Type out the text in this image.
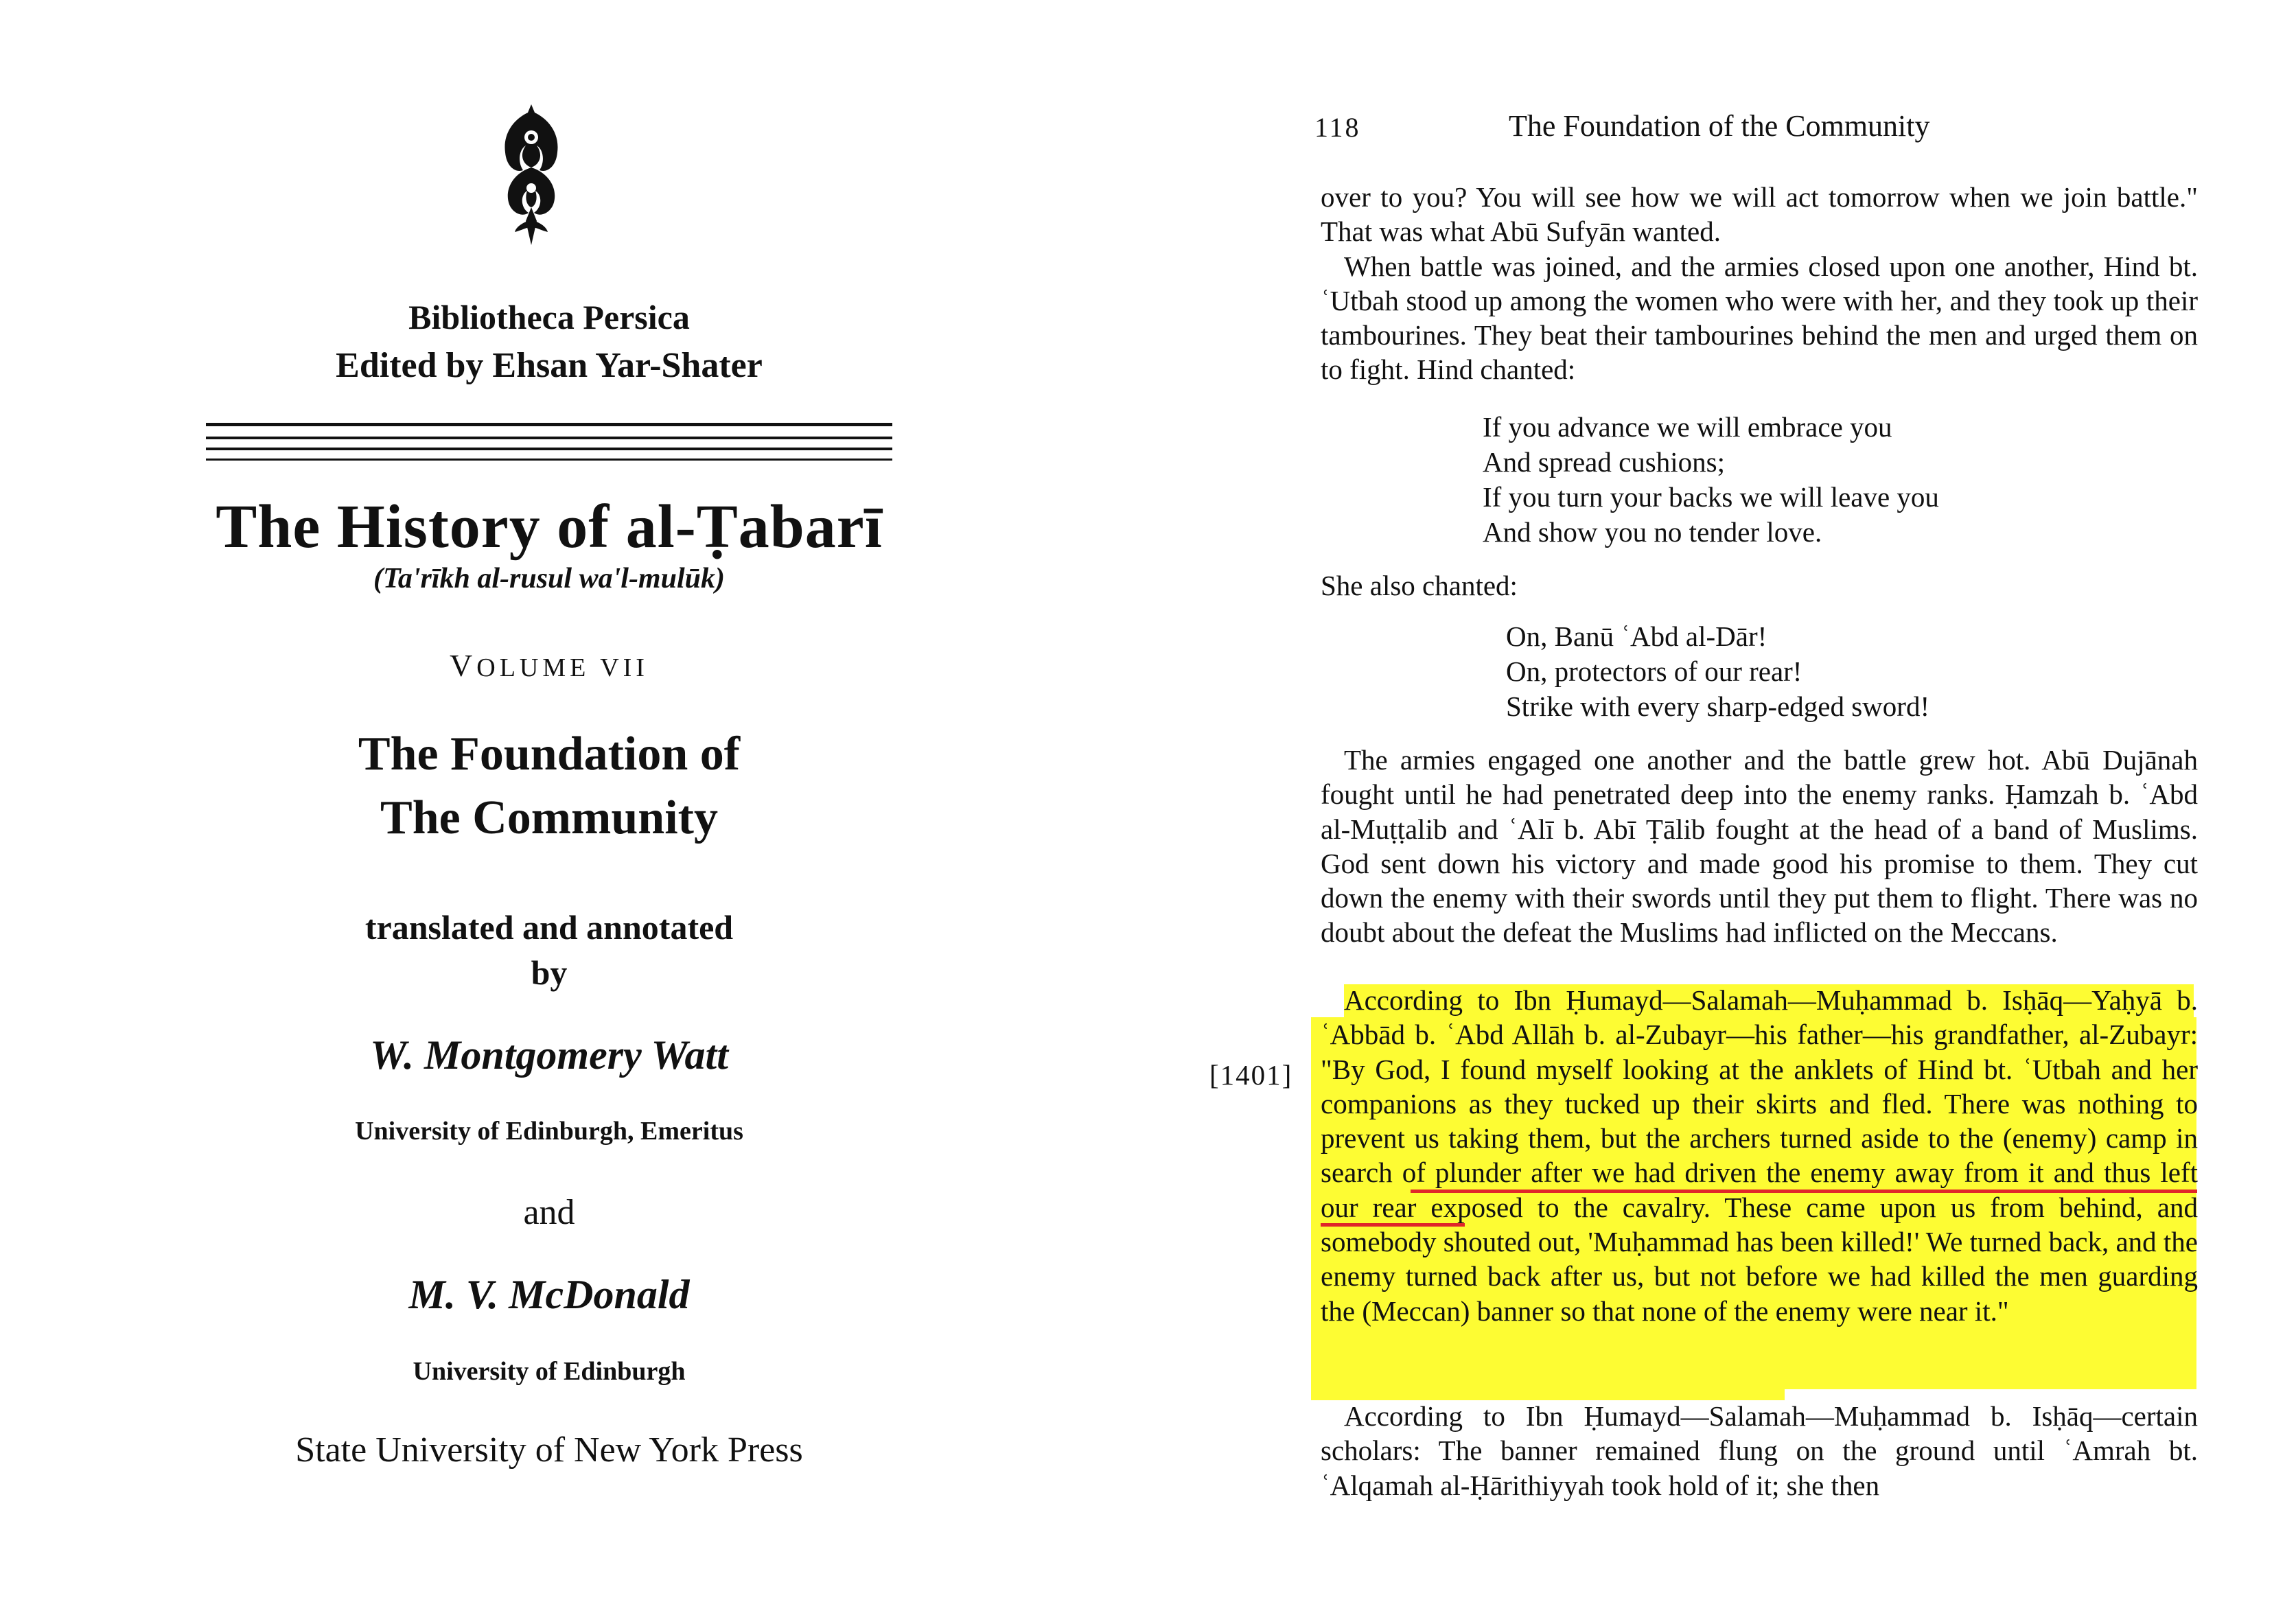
Bibliotheca Persica
Edited by Ehsan Yar-Shater
The History of al-Ṭabarī
(Ta'rīkh al-rusul wa'l-mulūk)
VOLUME VII
The Foundation of
The Community
translated and annotated
by
W. Montgomery Watt
University of Edinburgh, Emeritus
and
M. V. McDonald
University of Edinburgh
State University of New York Press
118	The Foundation of the Community

over to you? You will see how we will act tomorrow when we join battle." That was what Abū Sufyān wanted.

When battle was joined, and the armies closed upon one another, Hind bt. ʿUtbah stood up among the women who were with her, and they took up their tambourines. They beat their tambourines behind the men and urged them on to fight. Hind chanted:

If you advance we will embrace you
And spread cushions;
If you turn your backs we will leave you
And show you no tender love.
She also chanted:
On, Banū ʿAbd al-Dār!
On, protectors of our rear!
Strike with every sharp-edged sword!

The armies engaged one another and the battle grew hot. Abū Dujānah fought until he had penetrated deep into the enemy ranks. Ḥamzah b. ʿAbd al-Muṭṭalib and ʿAlī b. Abī Ṭālib fought at the head of a band of Muslims. God sent down his victory and made good his promise to them. They cut down the enemy with their swords until they put them to flight. There was no doubt about the defeat the Muslims had inflicted on the Meccans.

[1401]

According to Ibn Ḥumayd—Salamah—Muḥammad b. Isḥāq—Yaḥyā b. ʿAbbād b. ʿAbd Allāh b. al-Zubayr—his father—his grandfather, al-Zubayr: "By God, I found myself looking at the anklets of Hind bt. ʿUtbah and her companions as they tucked up their skirts and fled. There was nothing to prevent us taking them, but the archers turned aside to the (enemy) camp in search of plunder after we had driven the enemy away from it and thus left our rear exposed to the cavalry. These came upon us from behind, and somebody shouted out, 'Muḥammad has been killed!' We turned back, and the enemy turned back after us, but not before we had killed the men guarding the (Meccan) banner so that none of the enemy were near it."

According to Ibn Ḥumayd—Salamah—Muḥammad b. Isḥāq—certain scholars: The banner remained flung on the ground until ʿAmrah bt. ʿAlqamah al-Ḥārithiyyah took hold of it; she then
